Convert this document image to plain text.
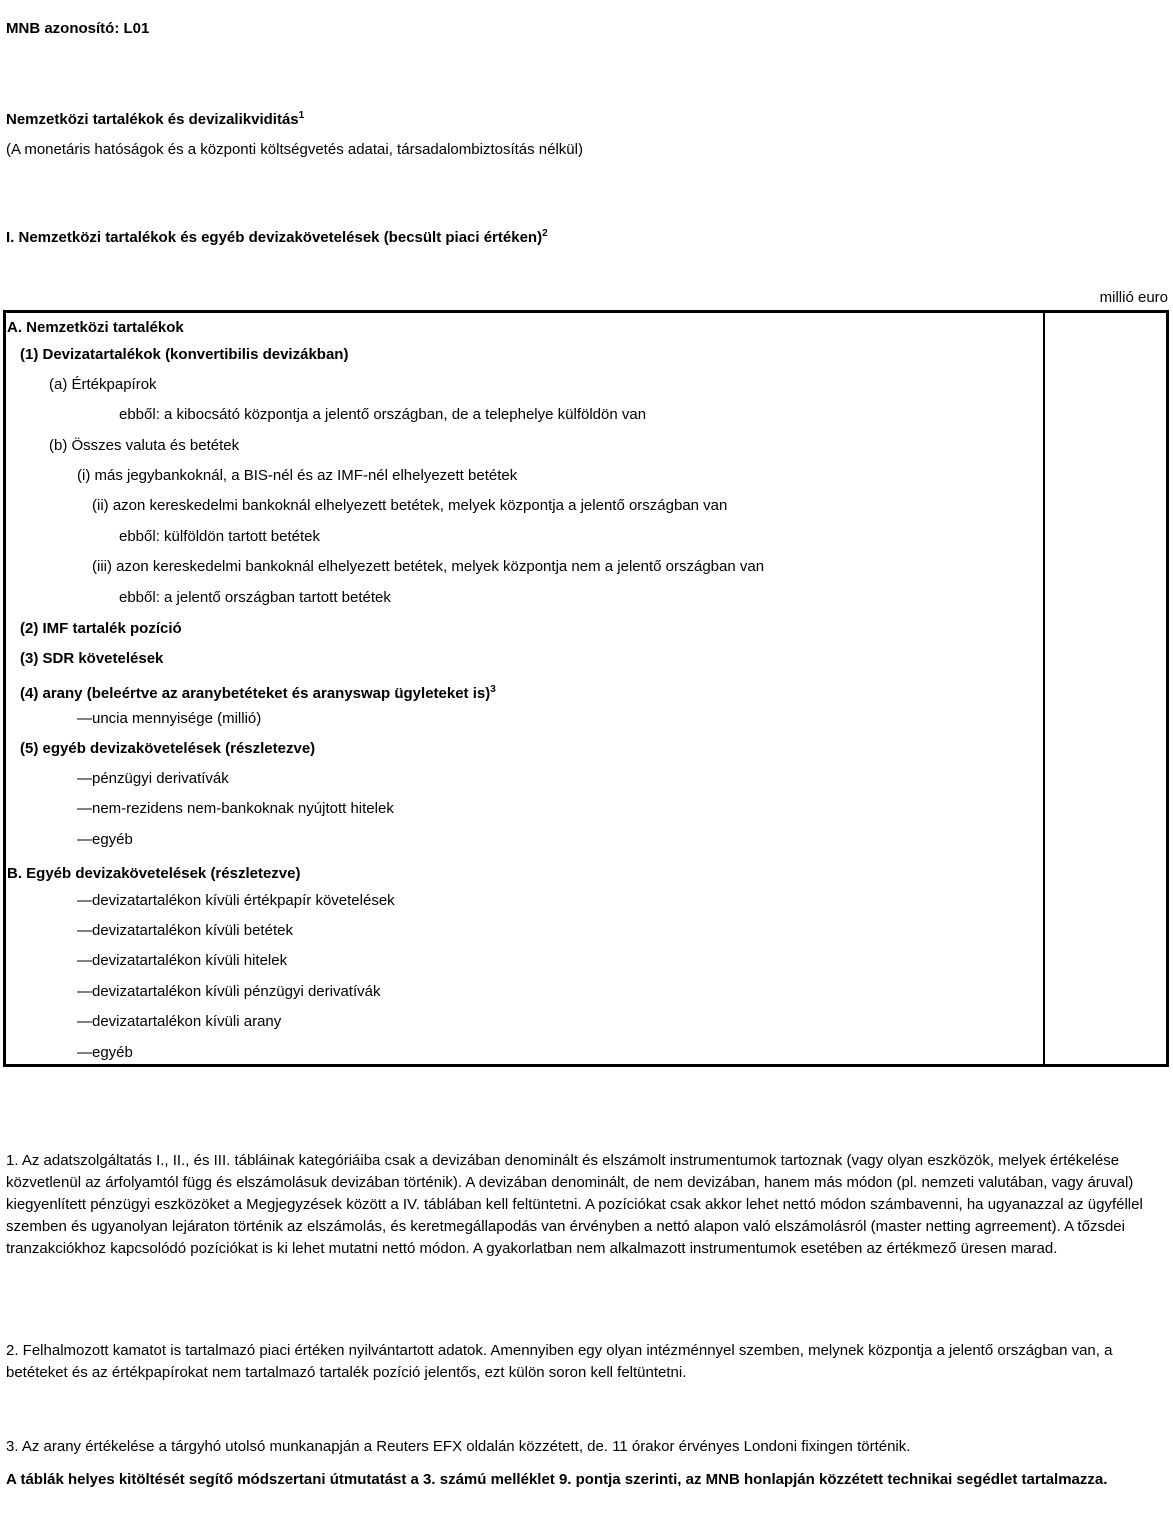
MNB azonosító: L01
Nemzetközi tartalékok és devizalikviditás$^1$
(A monetáris hatóságok és a központi költségvetés adatai, társadalombiztosítás nélkül)
I. Nemzetközi tartalékok és egyéb devizakövetelések (becsült piaci értéken)$^2$
millió euro
A. Nemzetközi tartalékok
(1) Devizatartalékok (konvertibilis devizákban)
(a) Értékpapírok
ebből: a kibocsátó központja a jelentő országban, de a telephelye külföldön van
(b) Összes valuta és betétek
(i) más jegybankoknál, a BIS-nél és az IMF-nél elhelyezett betétek
(ii) azon kereskedelmi bankoknál elhelyezett betétek, melyek központja a jelentő országban van
ebből: külföldön tartott betétek
(iii) azon kereskedelmi bankoknál elhelyezett betétek, melyek központja nem a jelentő országban van
ebből: a jelentő országban tartott betétek
(2) IMF tartalék pozíció
(3) SDR követelések
(4) arany (beleértve az aranybetéteket és aranyswap ügyleteket is)$^3$
—uncia mennyisége (millió)
(5) egyéb devizakövetelések (részletezve)
—pénzügyi derivatívák
—nem-rezidens nem-bankoknak nyújtott hitelek
—egyéb
B. Egyéb devizakövetelések (részletezve)
—devizatartalékon kívüli értékpapír követelések
—devizatartalékon kívüli betétek
—devizatartalékon kívüli hitelek
—devizatartalékon kívüli pénzügyi derivatívák
—devizatartalékon kívüli arany
—egyéb
1. Az adatszolgáltatás I., II., és III. tábláinak kategóriáiba csak a devizában denominált és elszámolt instrumentumok tartoznak (vagy olyan eszközök, melyek értékelése közvetlenül az árfolyamtól függ és elszámolásuk devizában történik). A devizában denominált, de nem devizában, hanem más módon (pl. nemzeti valutában, vagy áruval) kiegyenlített pénzügyi eszközöket a Megjegyzések között a IV. táblában kell feltüntetni. A pozíciókat csak akkor lehet nettó módon számbavenni, ha ugyanazzal az ügyféllel szemben és ugyanolyan lejáraton történik az elszámolás, és keretmegállapodás van érvényben a nettó alapon való elszámolásról (master netting agrreement). A tőzsdei tranzakciókhoz kapcsolódó pozíciókat is ki lehet mutatni nettó módon. A gyakorlatban nem alkalmazott instrumentumok esetében az értékmező üresen marad.
2. Felhalmozott kamatot is tartalmazó piaci értéken nyilvántartott adatok. Amennyiben egy olyan intézménnyel szemben, melynek központja a jelentő országban van, a betéteket és az értékpapírokat nem tartalmazó tartalék pozíció jelentős, ezt külön soron kell feltüntetni.
3. Az arany értékelése a tárgyhó utolsó munkanapján a Reuters EFX oldalán közzétett, de. 11 órakor érvényes Londoni fixingen történik.
A táblák helyes kitöltését segítő módszertani útmutatást a 3. számú melléklet 9. pontja szerinti, az MNB honlapján közzétett technikai segédlet tartalmazza.
